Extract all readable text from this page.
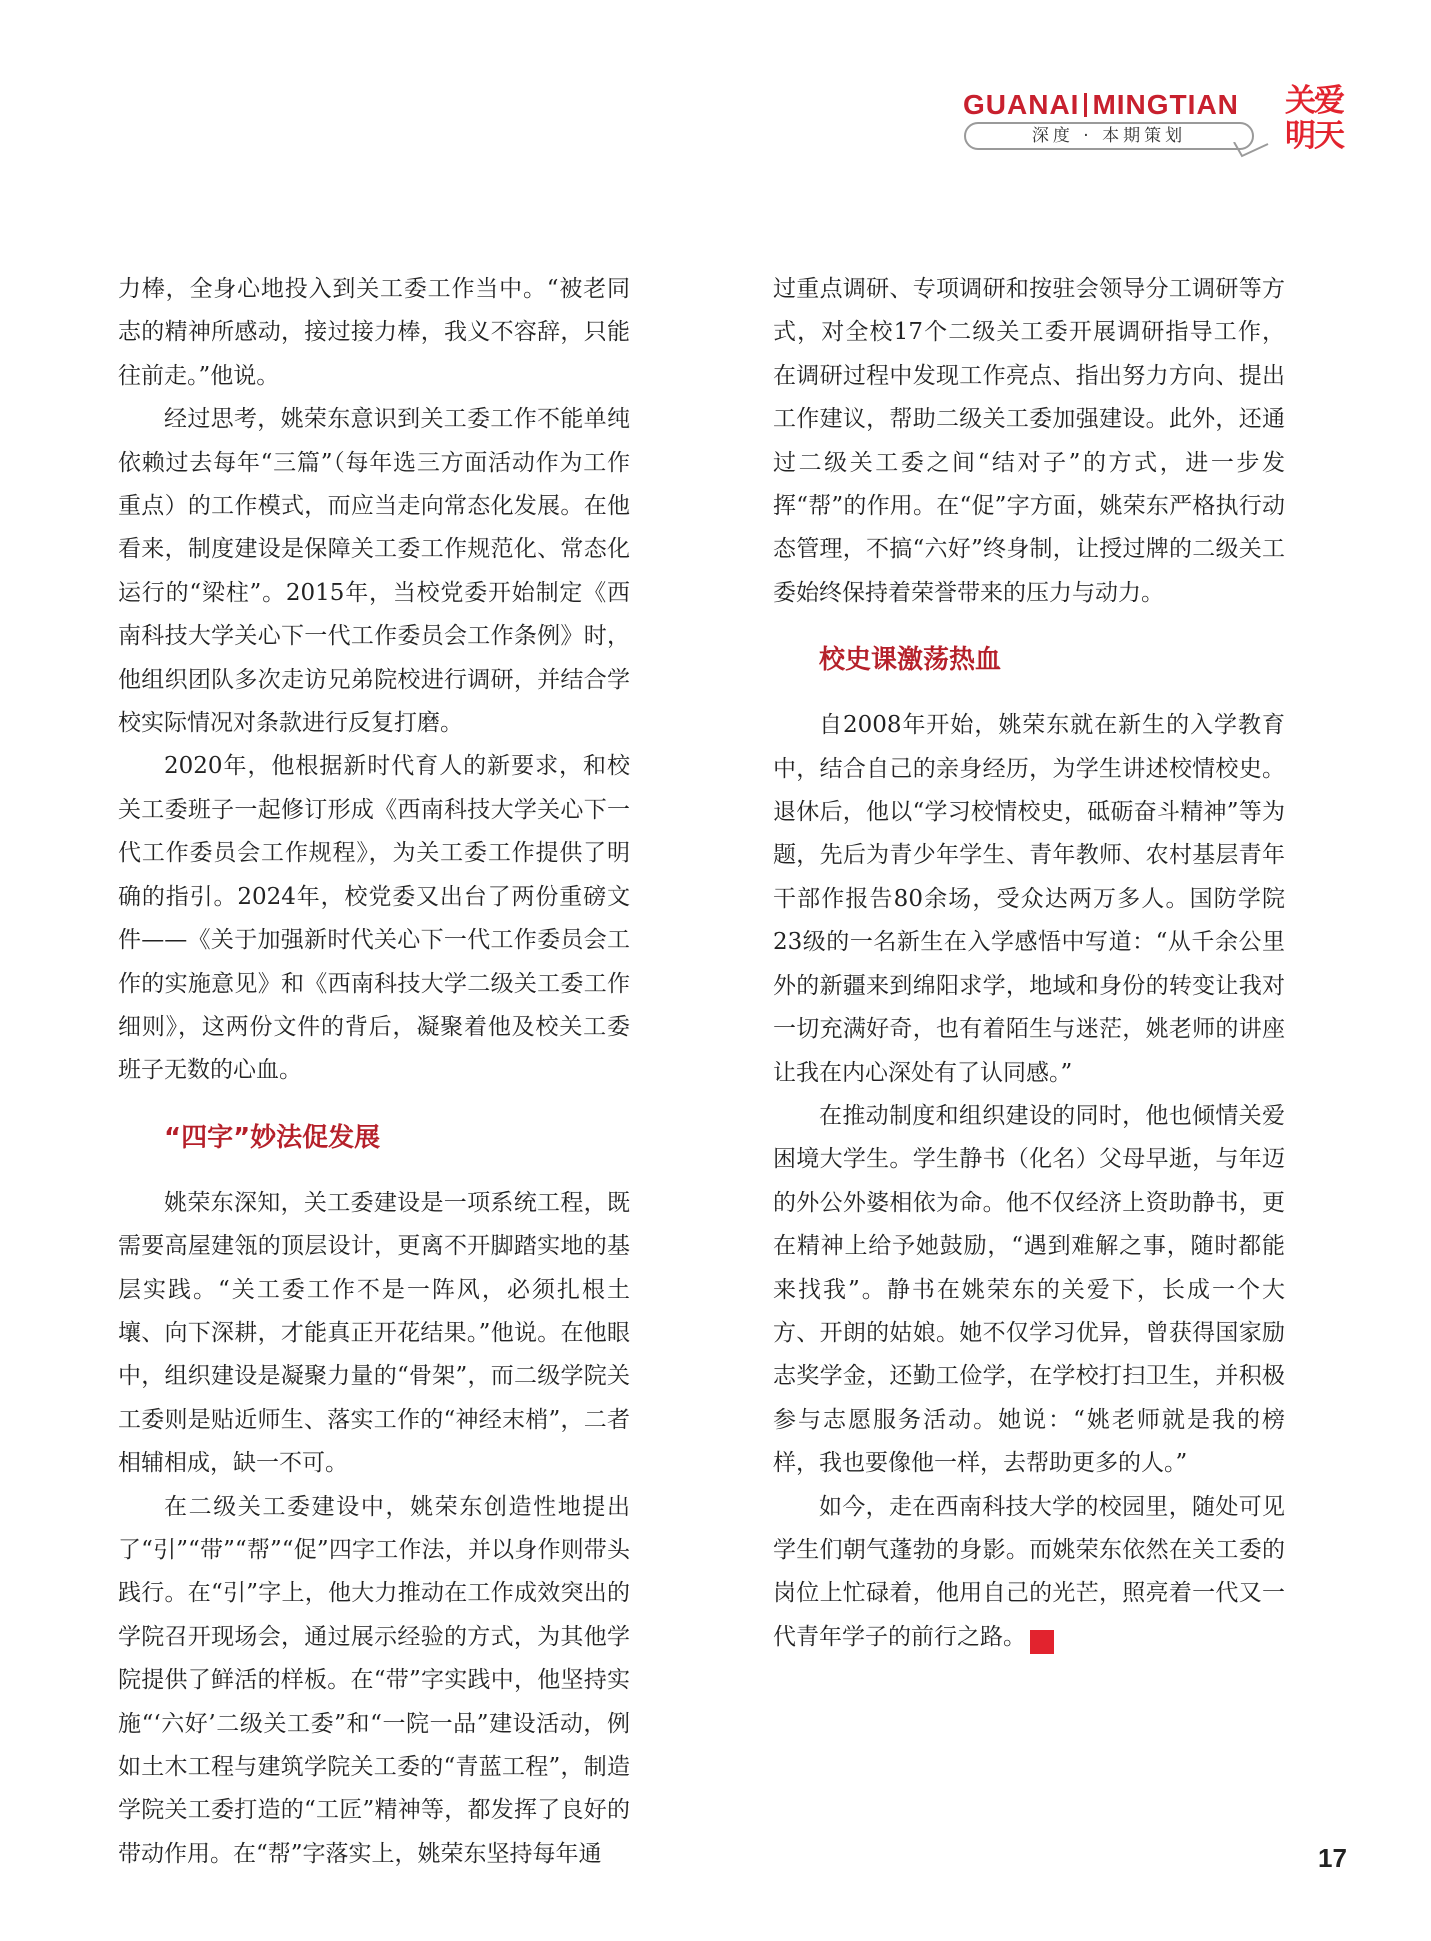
GUANAI MINGTIAN
深度 · 本期策划
关爱
明天

力棒，全身心地投入到关工委工作当中。“被老同志的精神所感动，接过接力棒，我义不容辞，只能往前走。”他说。

经过思考，姚荣东意识到关工委工作不能单纯依赖过去每年“三篇”（每年选三方面活动作为工作重点）的工作模式，而应当走向常态化发展。在他看来，制度建设是保障关工委工作规范化、常态化运行的“梁柱”。2015年，当校党委开始制定《西南科技大学关心下一代工作委员会工作条例》时，他组织团队多次走访兄弟院校进行调研，并结合学校实际情况对条款进行反复打磨。

2020年，他根据新时代育人的新要求，和校关工委班子一起修订形成《西南科技大学关心下一代工作委员会工作规程》，为关工委工作提供了明确的指引。2024年，校党委又出台了两份重磅文件——《关于加强新时代关心下一代工作委员会工作的实施意见》和《西南科技大学二级关工委工作细则》，这两份文件的背后，凝聚着他及校关工委班子无数的心血。

“四字”妙法促发展

姚荣东深知，关工委建设是一项系统工程，既需要高屋建瓴的顶层设计，更离不开脚踏实地的基层实践。“关工委工作不是一阵风，必须扎根土壤、向下深耕，才能真正开花结果。”他说。在他眼中，组织建设是凝聚力量的“骨架”，而二级学院关工委则是贴近师生、落实工作的“神经末梢”，二者相辅相成，缺一不可。

在二级关工委建设中，姚荣东创造性地提出了“引”“带”“帮”“促”四字工作法，并以身作则带头践行。在“引”字上，他大力推动在工作成效突出的学院召开现场会，通过展示经验的方式，为其他学院提供了鲜活的样板。在“带”字实践中，他坚持实施“‘六好’二级关工委”和“一院一品”建设活动，例如土木工程与建筑学院关工委的“青蓝工程”，制造学院关工委打造的“工匠”精神等，都发挥了良好的带动作用。在“帮”字落实上，姚荣东坚持每年通

过重点调研、专项调研和按驻会领导分工调研等方式，对全校17个二级关工委开展调研指导工作，在调研过程中发现工作亮点、指出努力方向、提出工作建议，帮助二级关工委加强建设。此外，还通过二级关工委之间“结对子”的方式，进一步发挥“帮”的作用。在“促”字方面，姚荣东严格执行动态管理，不搞“六好”终身制，让授过牌的二级关工委始终保持着荣誉带来的压力与动力。

校史课激荡热血

自2008年开始，姚荣东就在新生的入学教育中，结合自己的亲身经历，为学生讲述校情校史。退休后，他以“学习校情校史，砥砺奋斗精神”等为题，先后为青少年学生、青年教师、农村基层青年干部作报告80余场，受众达两万多人。国防学院23级的一名新生在入学感悟中写道：“从千余公里外的新疆来到绵阳求学，地域和身份的转变让我对一切充满好奇，也有着陌生与迷茫，姚老师的讲座让我在内心深处有了认同感。”

在推动制度和组织建设的同时，他也倾情关爱困境大学生。学生静书（化名）父母早逝，与年迈的外公外婆相依为命。他不仅经济上资助静书，更在精神上给予她鼓励，“遇到难解之事，随时都能来找我”。静书在姚荣东的关爱下，长成一个大方、开朗的姑娘。她不仅学习优异，曾获得国家励志奖学金，还勤工俭学，在学校打扫卫生，并积极参与志愿服务活动。她说：“姚老师就是我的榜样，我也要像他一样，去帮助更多的人。”

如今，走在西南科技大学的校园里，随处可见学生们朝气蓬勃的身影。而姚荣东依然在关工委的岗位上忙碌着，他用自己的光芒，照亮着一代又一代青年学子的前行之路。	关

17
